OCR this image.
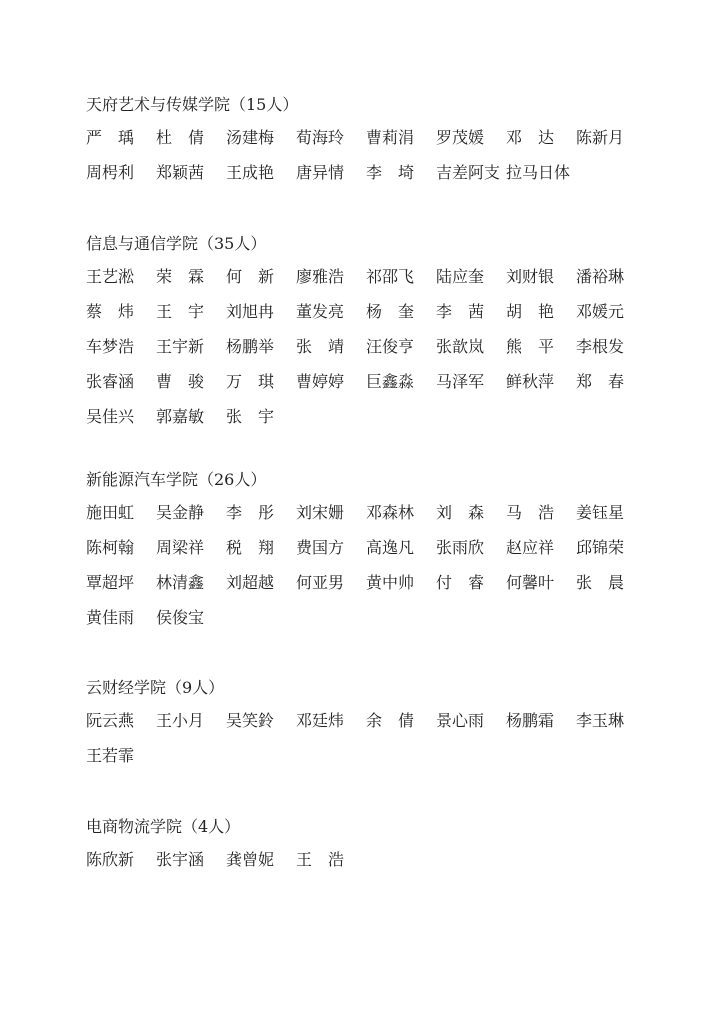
天府艺术与传媒学院（15人）
严　瑀	杜　倩	汤建梅	荀海玲	曹莉涓	罗茂媛	邓　达	陈新月
周枵利	郑颖茜	王成艳	唐异情	李　埼	吉差阿支 拉马日体
信息与通信学院（35人）
王艺淞	荣　霖	何　新	廖雅浩	祁邵飞	陆应奎	刘财银	潘裕琳
蔡　炜	王　宇	刘旭冉	董发亮	杨　奎	李　茜	胡　艳	邓媛元
车梦浩	王宇新	杨鹏举	张　靖	汪俊亨	张歆岚	熊　平	李根发
张睿涵	曹　骏	万　琪	曹婷婷	巨鑫淼	马泽军	鲜秋萍	郑　春
吴佳兴	郭嘉敏	张　宇
新能源汽车学院（26人）
施田虹	吴金静	李　彤	刘宋姗	邓森林	刘　森	马　浩	姜钰星
陈柯翰	周梁祥	税　翔	费国方	高逸凡	张雨欣	赵应祥	邱锦荣
覃超坪	林清鑫	刘超越	何亚男	黄中帅	付　睿	何馨叶	张　晨
黄佳雨	侯俊宝
云财经学院（9人）
阮云燕	王小月	吴笑鈴	邓廷炜	余　倩	景心雨	杨鹏霜	李玉琳
王若霏
电商物流学院（4人）
陈欣新	张宇涵	龚曾妮	王　浩
